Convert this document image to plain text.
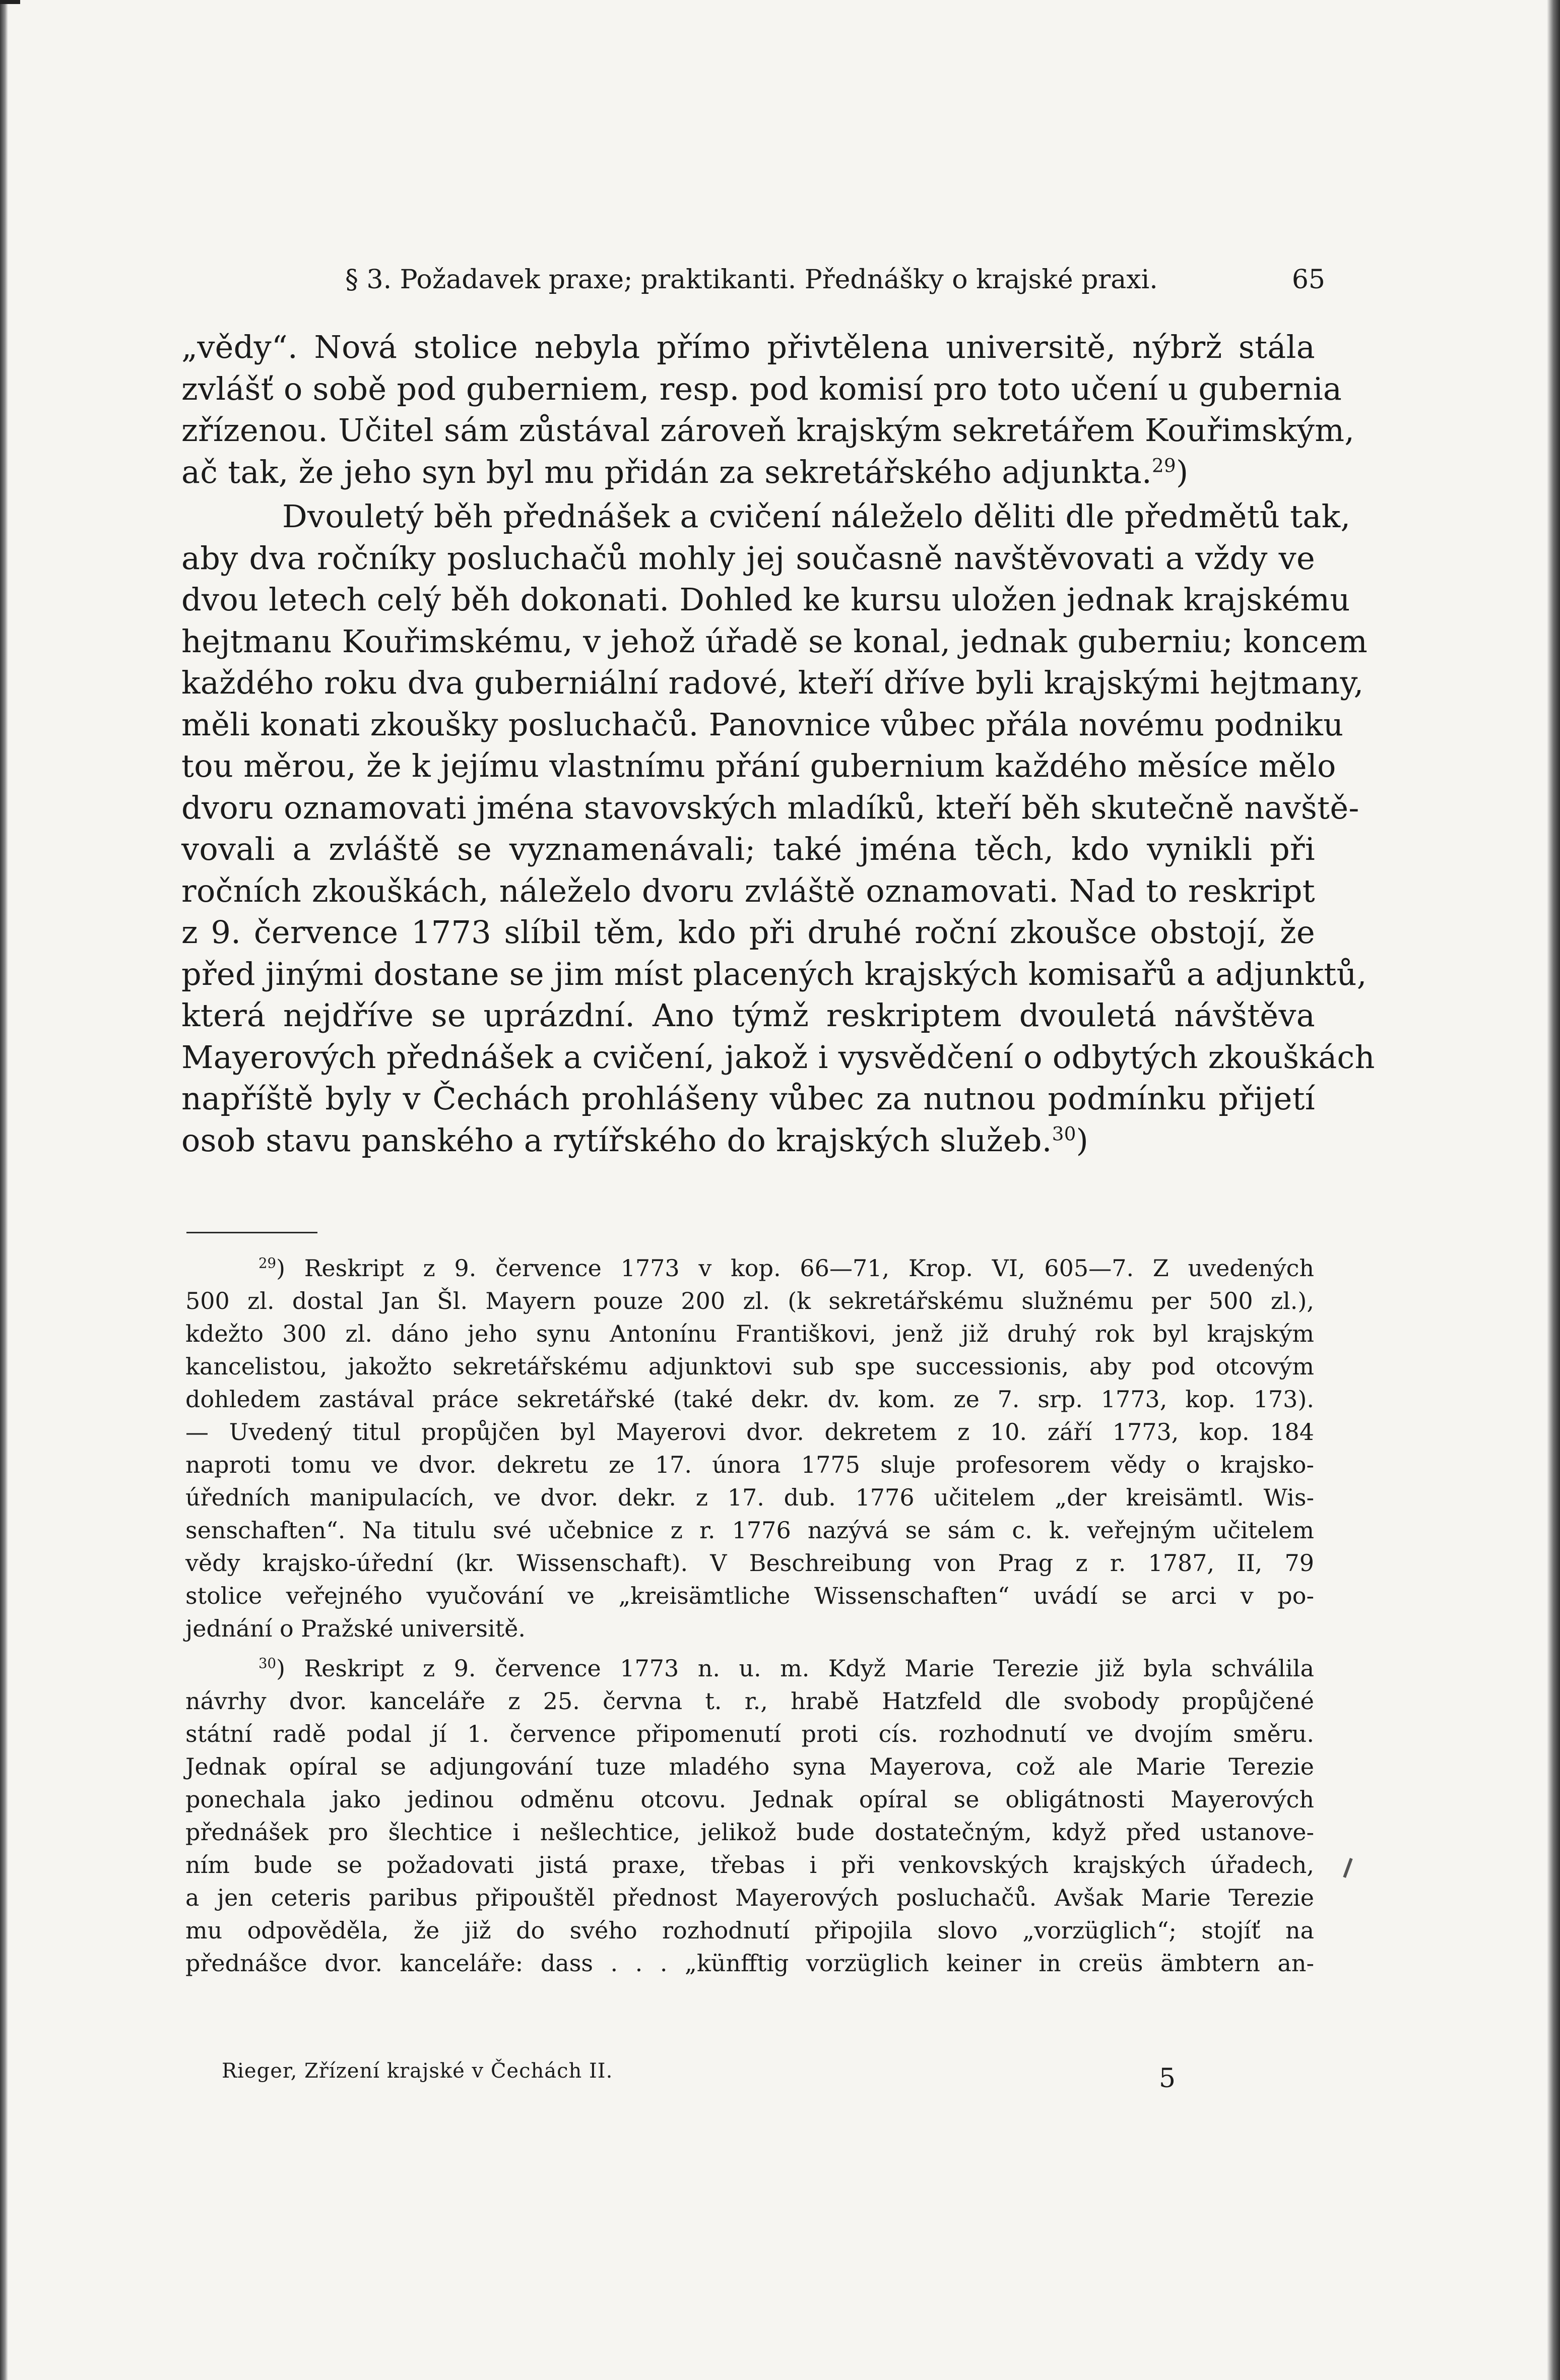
§ 3. Požadavek praxe; praktikanti. Přednášky o krajské praxi.	65
„vědy“. Nová stolice nebyla přímo přivtělena universitě, nýbrž stála
zvlášť o sobě pod guberniem, resp. pod komisí pro toto učení u gubernia
zřízenou. Učitel sám zůstával zároveň krajským sekretářem Kouřimským,
ač tak, že jeho syn byl mu přidán za sekretářského adjunkta.$^{29}$)
Dvouletý běh přednášek a cvičení náleželo děliti dle předmětů tak,
aby dva ročníky posluchačů mohly jej současně navštěvovati a vždy ve
dvou letech celý běh dokonati. Dohled ke kursu uložen jednak krajskému
hejtmanu Kouřimskému, v jehož úřadě se konal, jednak guberniu; koncem
každého roku dva guberniální radové, kteří dříve byli krajskými hejtmany,
měli konati zkoušky posluchačů. Panovnice vůbec přála novému podniku
tou měrou, že k jejímu vlastnímu přání gubernium každého měsíce mělo
dvoru oznamovati jména stavovských mladíků, kteří běh skutečně navště-
vovali a zvláště se vyznamenávali; také jména těch, kdo vynikli při
ročních zkouškách, náleželo dvoru zvláště oznamovati. Nad to reskript
z 9. července 1773 slíbil těm, kdo při druhé roční zkoušce obstojí, že
před jinými dostane se jim míst placených krajských komisařů a adjunktů,
která nejdříve se uprázdní. Ano týmž reskriptem dvouletá návštěva
Mayerových přednášek a cvičení, jakož i vysvědčení o odbytých zkouškách
napříště byly v Čechách prohlášeny vůbec za nutnou podmínku přijetí
osob stavu panského a rytířského do krajských služeb.$^{30}$)
$^{29}$) Reskript z 9. července 1773 v kop. 66—71, Krop. VI, 605—7. Z uvedených
500 zl. dostal Jan Šl. Mayern pouze 200 zl. (k sekretářskému služnému per 500 zl.),
kdežto 300 zl. dáno jeho synu Antonínu Františkovi, jenž již druhý rok byl krajským
kancelistou, jakožto sekretářskému adjunktovi sub spe successionis, aby pod otcovým
dohledem zastával práce sekretářské (také dekr. dv. kom. ze 7. srp. 1773, kop. 173).
— Uvedený titul propůjčen byl Mayerovi dvor. dekretem z 10. září 1773, kop. 184
naproti tomu ve dvor. dekretu ze 17. února 1775 sluje profesorem vědy o krajsko-
úředních manipulacích, ve dvor. dekr. z 17. dub. 1776 učitelem „der kreisämtl. Wis-
senschaften“. Na titulu své učebnice z r. 1776 nazývá se sám c. k. veřejným učitelem
vědy krajsko-úřední (kr. Wissenschaft). V Beschreibung von Prag z r. 1787, II, 79
stolice veřejného vyučování ve „kreisämtliche Wissenschaften“ uvádí se arci v po-
jednání o Pražské universitě.
$^{30}$) Reskript z 9. července 1773 n. u. m. Když Marie Terezie již byla schválila
návrhy dvor. kanceláře z 25. června t. r., hrabě Hatzfeld dle svobody propůjčené
státní radě podal jí 1. července připomenutí proti cís. rozhodnutí ve dvojím směru.
Jednak opíral se adjungování tuze mladého syna Mayerova, což ale Marie Terezie
ponechala jako jedinou odměnu otcovu. Jednak opíral se obligátnosti Mayerových
přednášek pro šlechtice i nešlechtice, jelikož bude dostatečným, když před ustanove-
ním bude se požadovati jistá praxe, třebas i při venkovských krajských úřadech,
a jen ceteris paribus připouštěl přednost Mayerových posluchačů. Avšak Marie Terezie
mu odpověděla, že již do svého rozhodnutí připojila slovo „vorzüglich“; stojíť na
přednášce dvor. kanceláře: dass . . . „künfftig vorzüglich keiner in creüs ämbtern an-
Rieger, Zřízení krajské v Čechách II.	5
